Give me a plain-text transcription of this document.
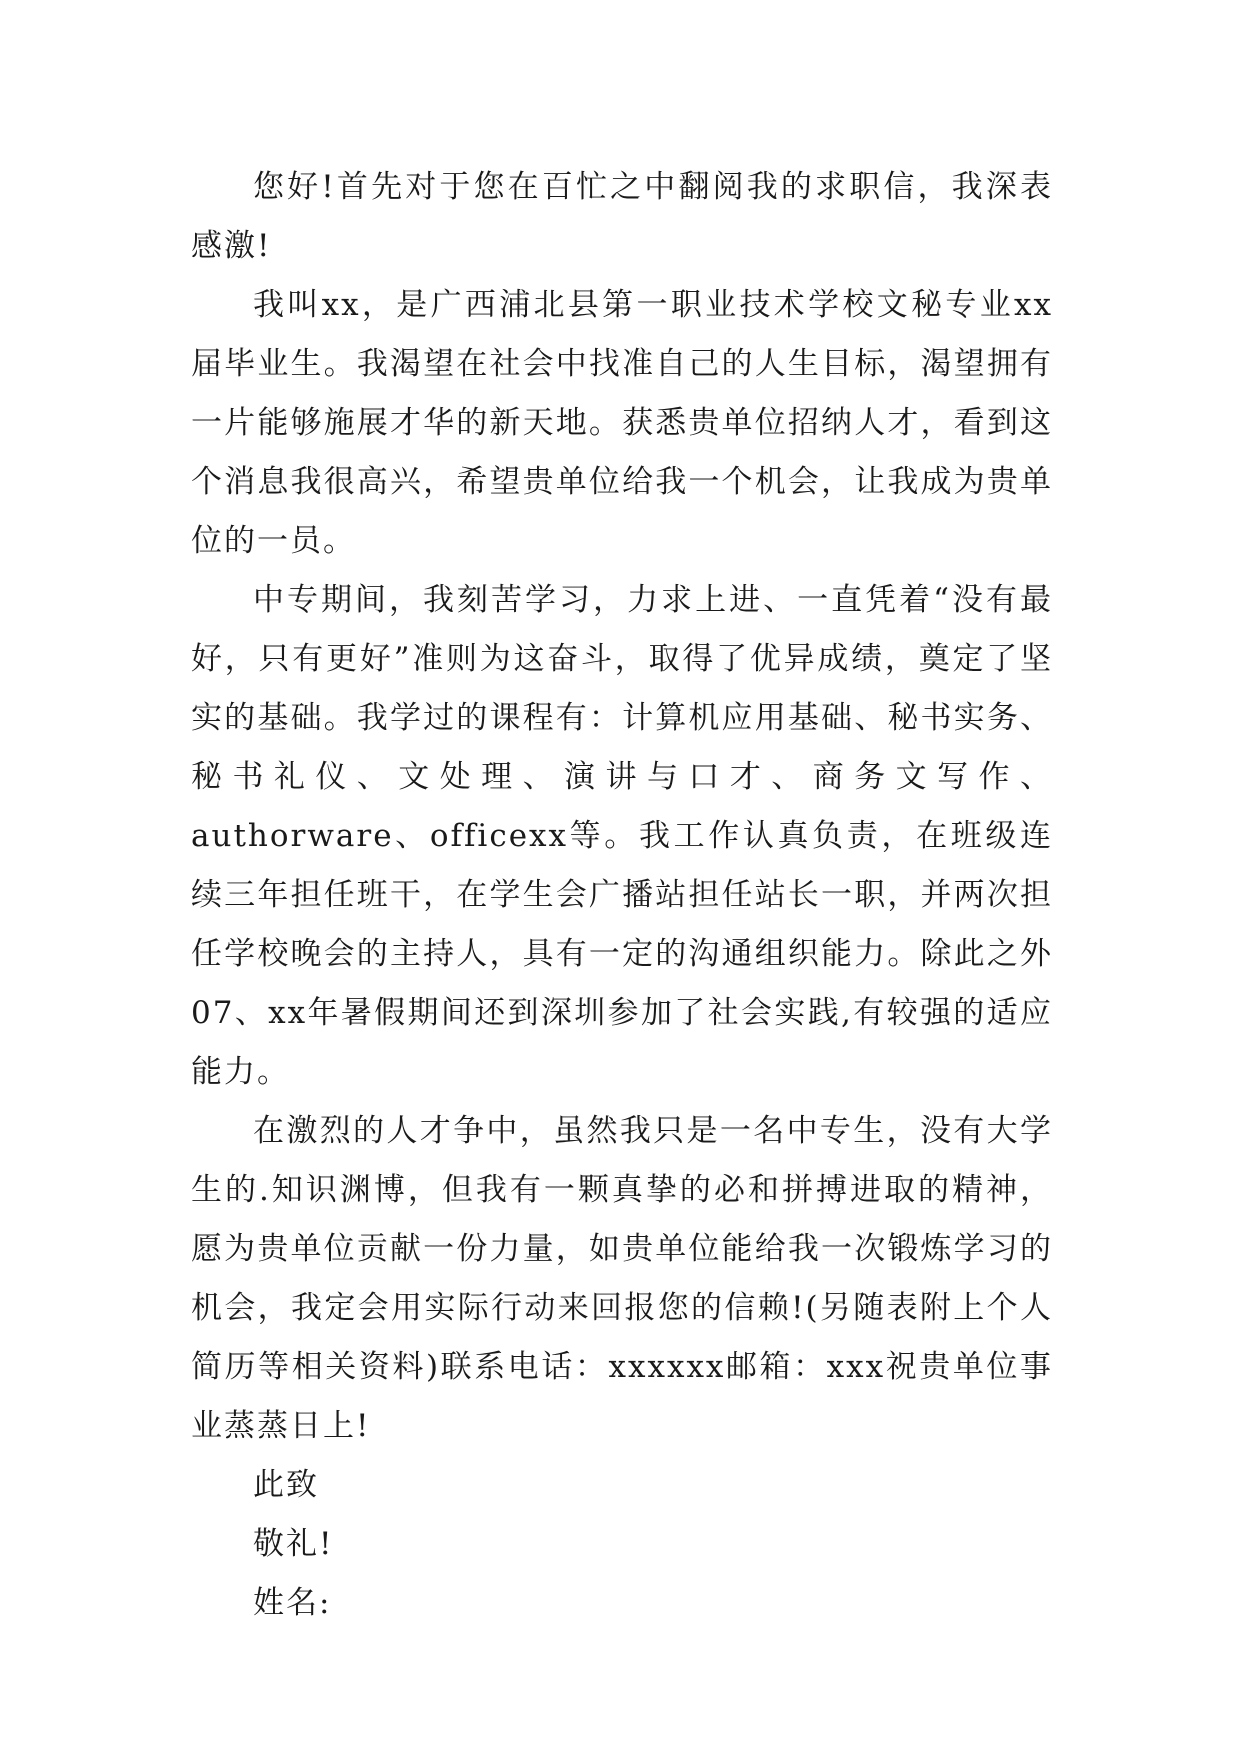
您好!首先对于您在百忙之中翻阅我的求职信，我深表感激!

我叫xx，是广西浦北县第一职业技术学校文秘专业xx届毕业生。我渴望在社会中找准自己的人生目标，渴望拥有一片能够施展才华的新天地。获悉贵单位招纳人才，看到这个消息我很高兴，希望贵单位给我一个机会，让我成为贵单位的一员。

中专期间，我刻苦学习，力求上进、一直凭着“没有最好，只有更好”准则为这奋斗，取得了优异成绩，奠定了坚实的基础。我学过的课程有：计算机应用基础、秘书实务、秘书礼仪、文处理、演讲与口才、商务文写作、authorware、officexx等。我工作认真负责，在班级连续三年担任班干，在学生会广播站担任站长一职，并两次担任学校晚会的主持人，具有一定的沟通组织能力。除此之外07、xx年暑假期间还到深圳参加了社会实践,有较强的适应能力。

在激烈的人才争中，虽然我只是一名中专生，没有大学生的.知识渊博，但我有一颗真挚的必和拼搏进取的精神，愿为贵单位贡献一份力量，如贵单位能给我一次锻炼学习的机会，我定会用实际行动来回报您的信赖!(另随表附上个人简历等相关资料)联系电话：xxxxxx邮箱：xxx祝贵单位事业蒸蒸日上!

此致

敬礼!

姓名:
